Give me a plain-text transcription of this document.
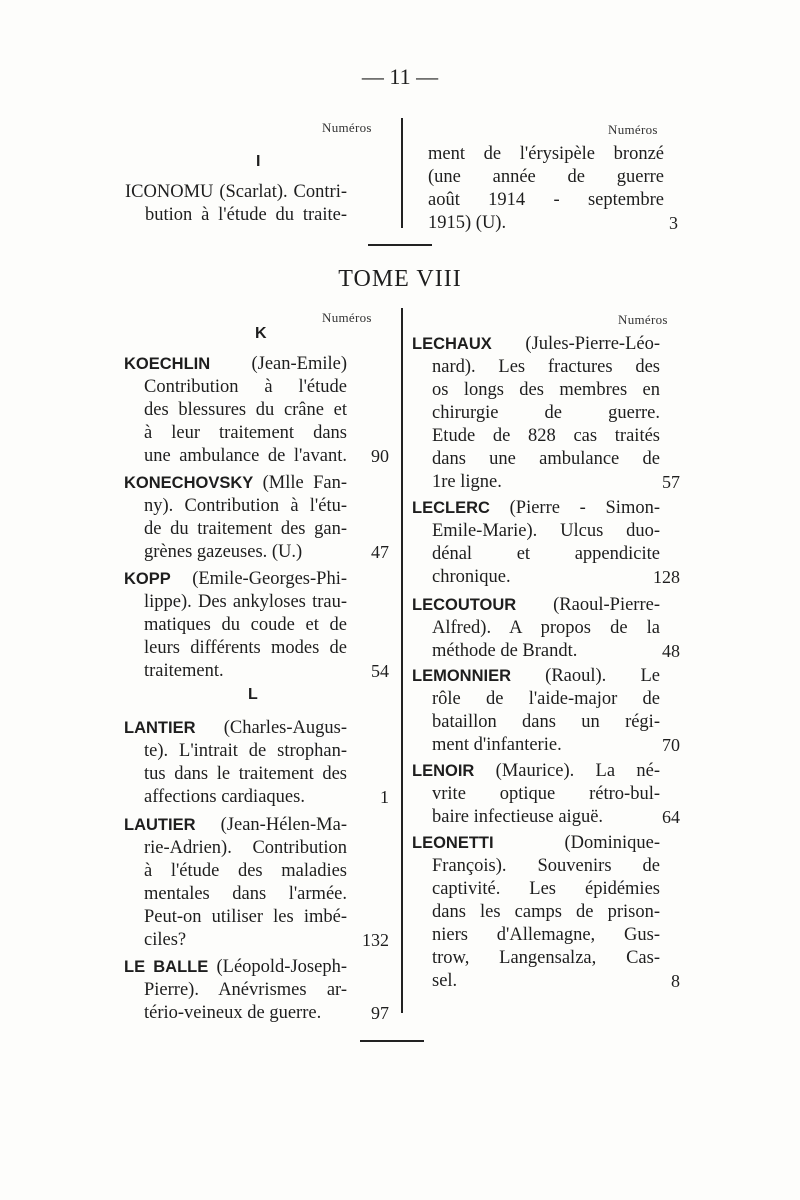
— 11 —
Numéros	Numéros
I
ICONOMU (Scarlat). Contri-
bution à l'étude du traite-
ment de l'érysipèle bronzé
(une année de guerre
août 1914 - septembre
1915) (U).	3
TOME VIII
Numéros	Numéros
K
KOECHLIN (Jean-Emile)
Contribution à l'étude
des blessures du crâne et
à leur traitement dans
une ambulance de l'avant.	90
KONECHOVSKY (Mlle Fan-
ny). Contribution à l'étu-
de du traitement des gan-
grènes gazeuses. (U.)	47
KOPP (Emile-Georges-Phi-
lippe). Des ankyloses trau-
matiques du coude et de
leurs différents modes de
traitement.	54
L
LANTIER (Charles-Augus-
te). L'intrait de strophan-
tus dans le traitement des
affections cardiaques.	1
LAUTIER (Jean-Hélen-Ma-
rie-Adrien). Contribution
à l'étude des maladies
mentales dans l'armée.
Peut-on utiliser les imbé-
ciles?	132
LE BALLE (Léopold-Joseph-
Pierre). Anévrismes ar-
tério-veineux de guerre.	97
LECHAUX (Jules-Pierre-Léo-
nard). Les fractures des
os longs des membres en
chirurgie de guerre.
Etude de 828 cas traités
dans une ambulance de
1re ligne.	57
LECLERC (Pierre - Simon-
Emile-Marie). Ulcus duo-
dénal et appendicite
chronique.	128
LECOUTOUR (Raoul-Pierre-
Alfred). A propos de la
méthode de Brandt.	48
LEMONNIER (Raoul). Le
rôle de l'aide-major de
bataillon dans un régi-
ment d'infanterie.	70
LENOIR (Maurice). La né-
vrite optique rétro-bul-
baire infectieuse aiguë.	64
LEONETTI (Dominique-
François). Souvenirs de
captivité. Les épidémies
dans les camps de prison-
niers d'Allemagne, Gus-
trow, Langensalza, Cas-
sel.	8
